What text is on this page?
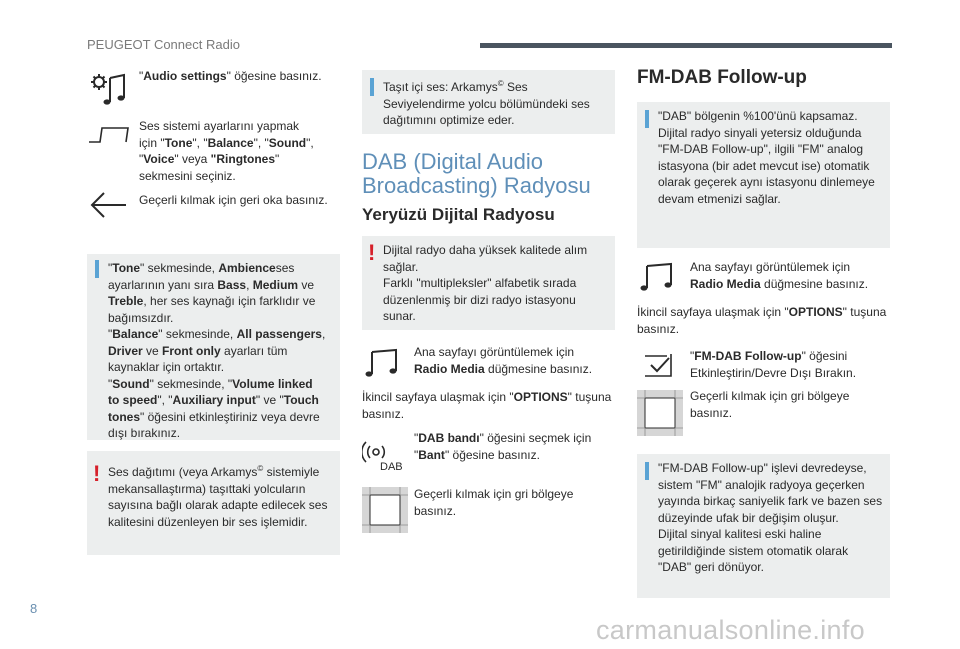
PEUGEOT Connect Radio
"Audio settings" öğesine basınız.
Ses sistemi ayarlarını yapmak
için "Tone", "Balance", "Sound",
"Voice" veya "Ringtones"
sekmesini seçiniz.
Geçerli kılmak için geri oka basınız.
"Tone" sekmesinde, Ambienceses
ayarlarının yanı sıra Bass, Medium ve
Treble, her ses kaynağı için farklıdır ve
bağımsızdır.
"Balance" sekmesinde, All passengers,
Driver ve Front only ayarları tüm
kaynaklar için ortaktır.
"Sound" sekmesinde, "Volume linked
to speed", "Auxiliary input" ve "Touch
tones" öğesini etkinleştiriniz veya devre
dışı bırakınız.
! Ses dağıtımı (veya Arkamys© sistemiyle
mekansallaştırma) taşıttaki yolcuların
sayısına bağlı olarak adapte edilecek ses
kalitesini düzenleyen bir ses işlemidir.
Taşıt içi ses: Arkamys© Ses
Seviyelendirme yolcu bölümündeki ses
dağıtımını optimize eder.
DAB (Digital Audio
Broadcasting) Radyosu
Yeryüzü Dijital Radyosu
! Dijital radyo daha yüksek kalitede alım
sağlar.
Farklı "multipleksler" alfabetik sırada
düzenlenmiş bir dizi radyo istasyonu
sunar.
Ana sayfayı görüntülemek için
Radio Media düğmesine basınız.
İkincil sayfaya ulaşmak için "OPTIONS" tuşuna
basınız.
DAB
"DAB bandı" öğesini seçmek için
"Bant" öğesine basınız.
Geçerli kılmak için gri bölgeye
basınız.
FM-DAB Follow-up
"DAB" bölgenin %100'ünü kapsamaz.
Dijital radyo sinyali yetersiz olduğunda
"FM-DAB Follow-up", ilgili "FM" analog
istasyona (bir adet mevcut ise) otomatik
olarak geçerek aynı istasyonu dinlemeye
devam etmenizi sağlar.
Ana sayfayı görüntülemek için
Radio Media düğmesine basınız.
İkincil sayfaya ulaşmak için "OPTIONS" tuşuna
basınız.
"FM-DAB Follow-up" öğesini
Etkinleştirin/Devre Dışı Bırakın.
Geçerli kılmak için gri bölgeye
basınız.
"FM-DAB Follow-up" işlevi devredeyse,
sistem "FM" analojik radyoya geçerken
yayında birkaç saniyelik fark ve bazen ses
düzeyinde ufak bir değişim oluşur.
Dijital sinyal kalitesi eski haline
getirildiğinde sistem otomatik olarak
"DAB" geri dönüyor.
8
carmanualsonline.info
